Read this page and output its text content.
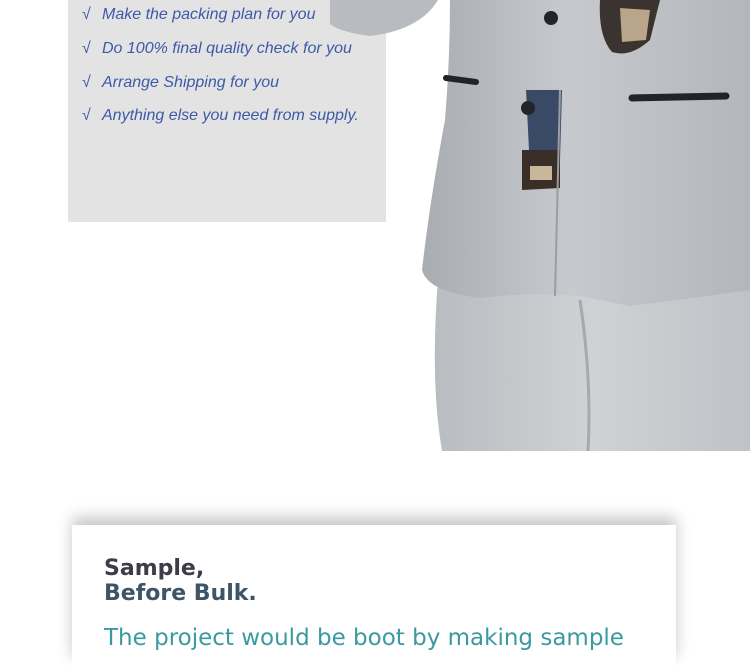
√ Make the packing plan for you
√ Do 100% final quality check for you
√ Arrange Shipping for you
√ Anything else you need from supply.
Sample,
Before Bulk.

The project would be boot by making sample
